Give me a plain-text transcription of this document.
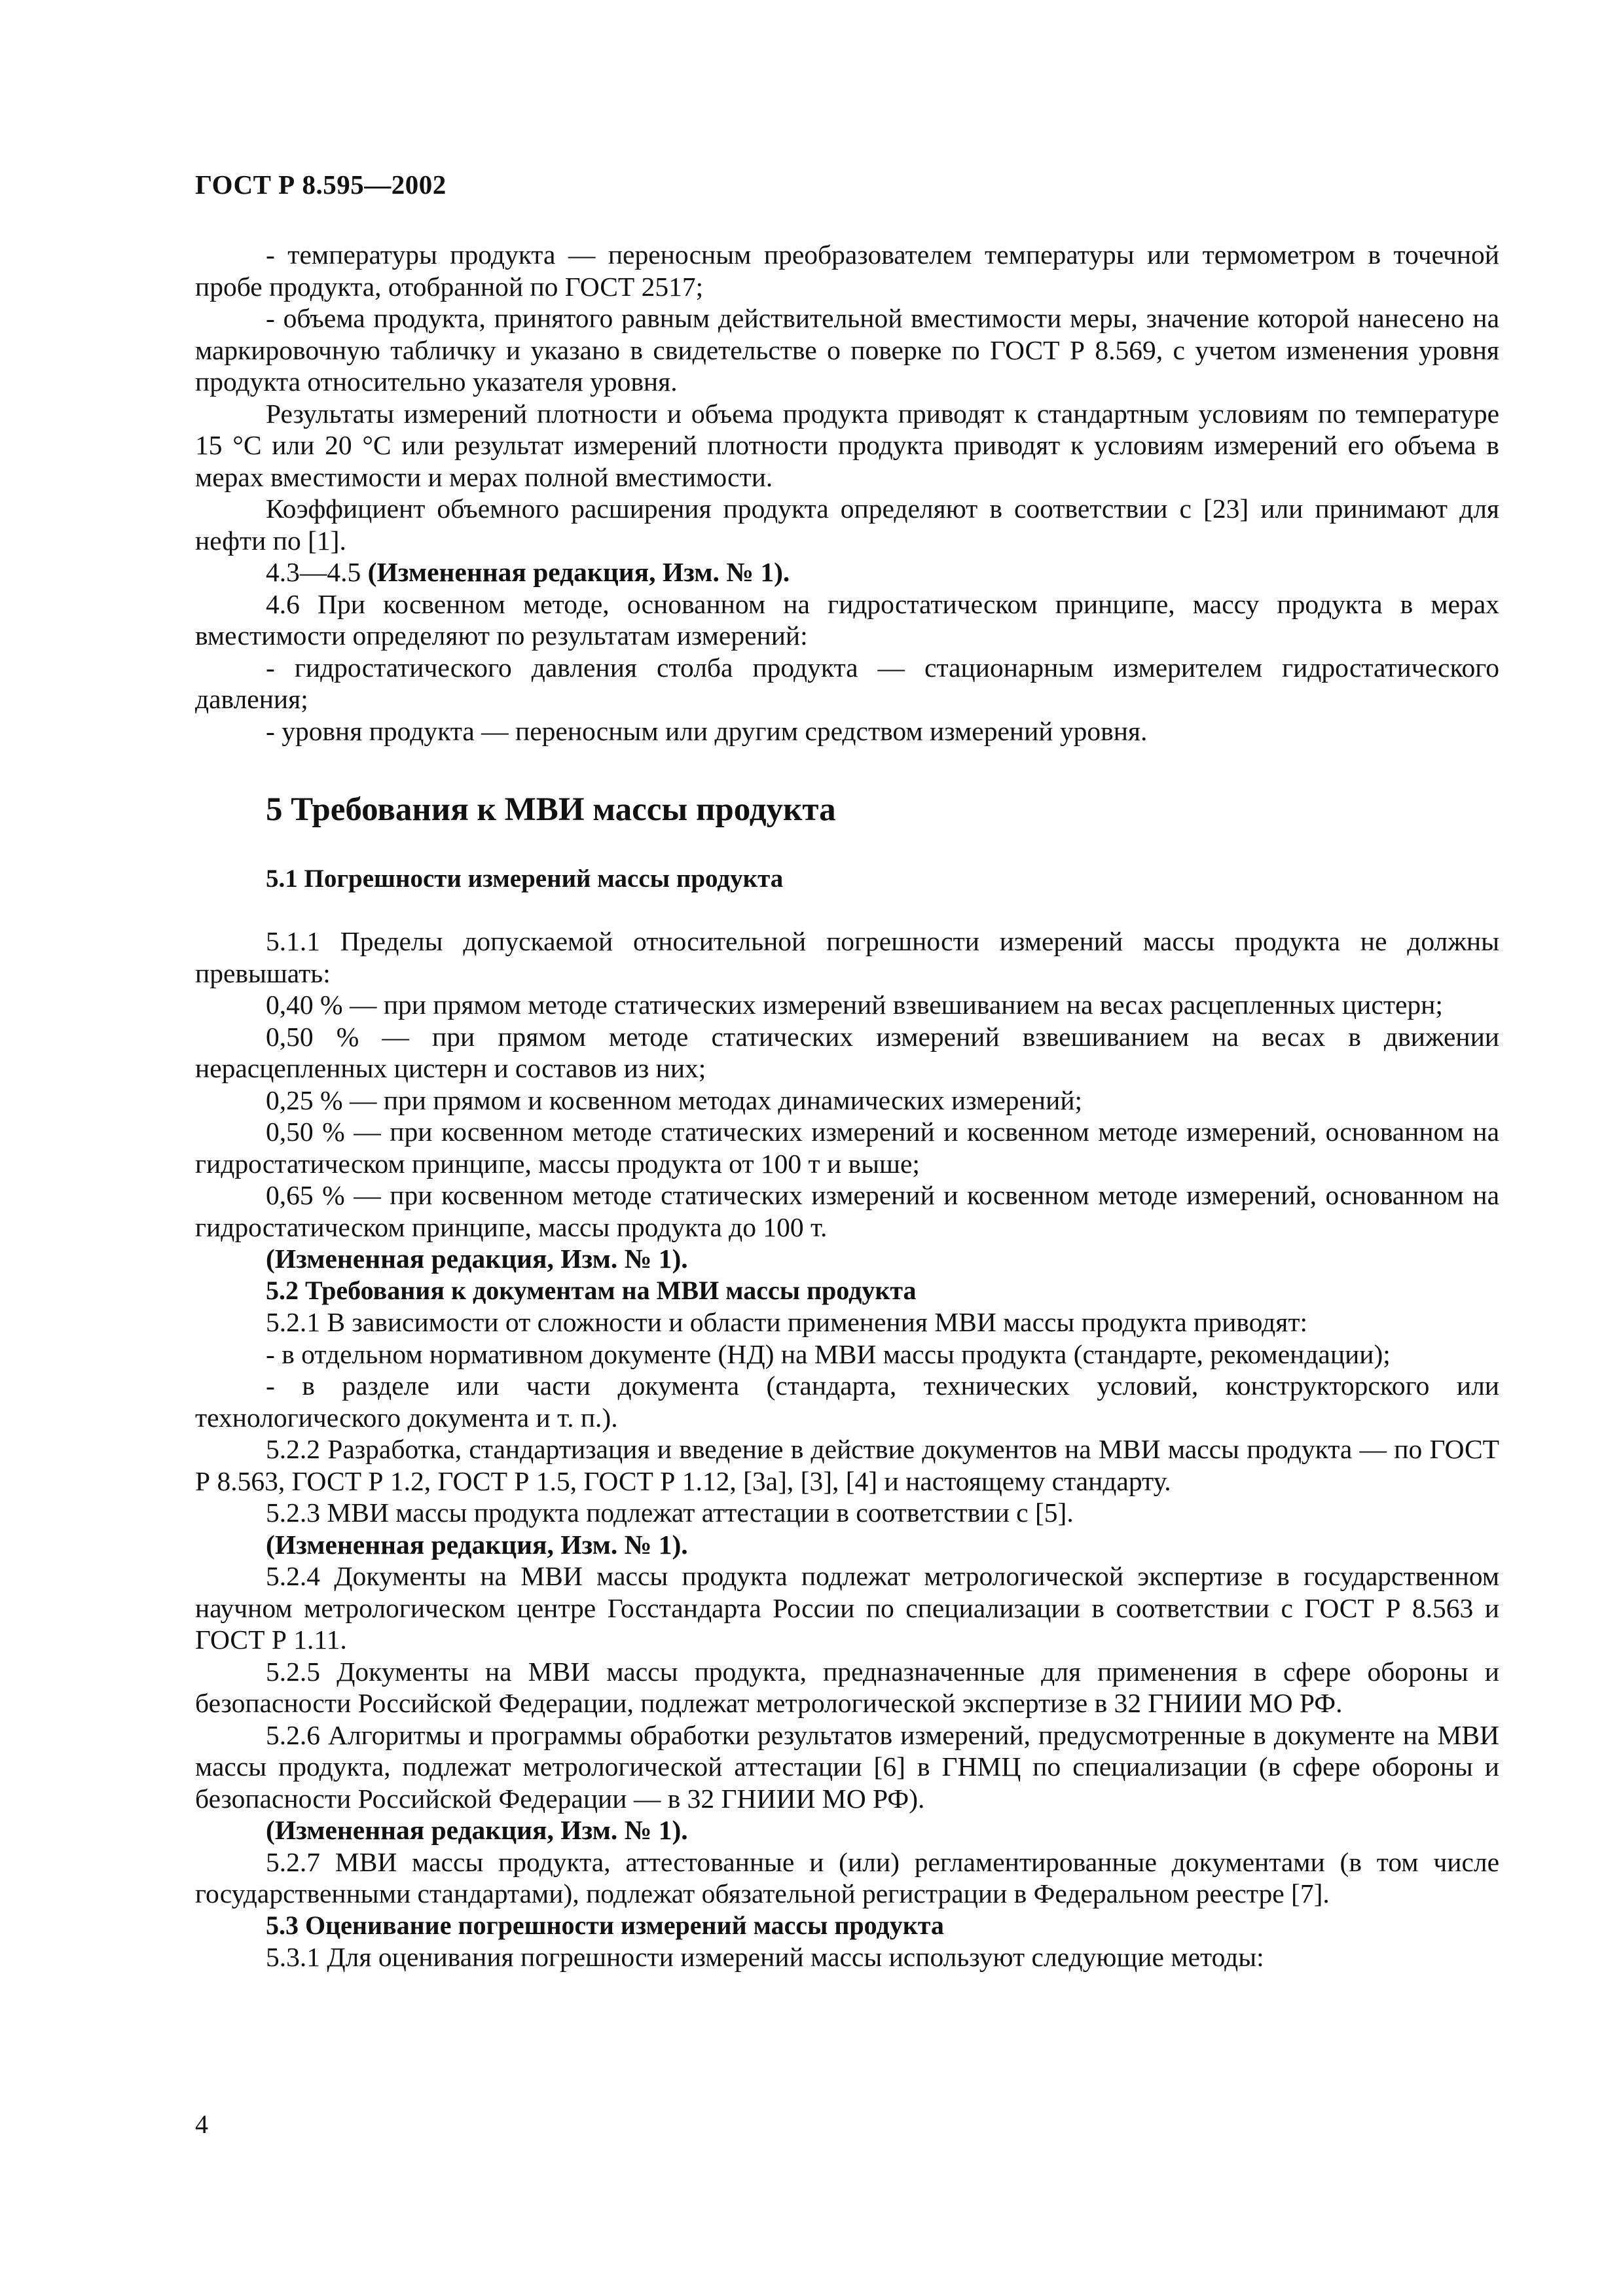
ГОСТ Р 8.595—2002

- температуры продукта — переносным преобразователем температуры или термометром в точечной пробе продукта, отобранной по ГОСТ 2517;

- объема продукта, принятого равным действительной вместимости меры, значение которой нанесено на маркировочную табличку и указано в свидетельстве о поверке по ГОСТ Р 8.569, с учетом изменения уровня продукта относительно указателя уровня.

Результаты измерений плотности и объема продукта приводят к стандартным условиям по температуре 15 °С или 20 °С или результат измерений плотности продукта приводят к условиям измерений его объема в мерах вместимости и мерах полной вместимости.

Коэффициент объемного расширения продукта определяют в соответствии с [23] или принимают для нефти по [1].

4.3—4.5 (Измененная редакция, Изм. № 1).

4.6 При косвенном методе, основанном на гидростатическом принципе, массу продукта в мерах вместимости определяют по результатам измерений:

- гидростатического давления столба продукта — стационарным измерителем гидростатического давления;

- уровня продукта — переносным или другим средством измерений уровня.

5 Требования к МВИ массы продукта
5.1 Погрешности измерений массы продукта

5.1.1 Пределы допускаемой относительной погрешности измерений массы продукта не должны превышать:

0,40 % — при прямом методе статических измерений взвешиванием на весах расцепленных цистерн;

0,50 % — при прямом методе статических измерений взвешиванием на весах в движении нерасцепленных цистерн и составов из них;

0,25 % — при прямом и косвенном методах динамических измерений;

0,50 % — при косвенном методе статических измерений и косвенном методе измерений, основанном на гидростатическом принципе, массы продукта от 100 т и выше;

0,65 % — при косвенном методе статических измерений и косвенном методе измерений, основанном на гидростатическом принципе, массы продукта до 100 т.

(Измененная редакция, Изм. № 1).

5.2 Требования к документам на МВИ массы продукта

5.2.1 В зависимости от сложности и области применения МВИ массы продукта приводят:

- в отдельном нормативном документе (НД) на МВИ массы продукта (стандарте, рекомендации);

- в разделе или части документа (стандарта, технических условий, конструкторского или технологического документа и т. п.).

5.2.2 Разработка, стандартизация и введение в действие документов на МВИ массы продукта — по ГОСТ Р 8.563, ГОСТ Р 1.2, ГОСТ Р 1.5, ГОСТ Р 1.12, [3а], [3], [4] и настоящему стандарту.

5.2.3 МВИ массы продукта подлежат аттестации в соответствии с [5].

(Измененная редакция, Изм. № 1).

5.2.4 Документы на МВИ массы продукта подлежат метрологической экспертизе в государственном научном метрологическом центре Госстандарта России по специализации в соответствии с ГОСТ Р 8.563 и ГОСТ Р 1.11.

5.2.5 Документы на МВИ массы продукта, предназначенные для применения в сфере обороны и безопасности Российской Федерации, подлежат метрологической экспертизе в 32 ГНИИИ МО РФ.

5.2.6 Алгоритмы и программы обработки результатов измерений, предусмотренные в документе на МВИ массы продукта, подлежат метрологической аттестации [6] в ГНМЦ по специализации (в сфере обороны и безопасности Российской Федерации — в 32 ГНИИИ МО РФ).

(Измененная редакция, Изм. № 1).

5.2.7 МВИ массы продукта, аттестованные и (или) регламентированные документами (в том числе государственными стандартами), подлежат обязательной регистрации в Федеральном реестре [7].

5.3 Оценивание погрешности измерений массы продукта

5.3.1 Для оценивания погрешности измерений массы используют следующие методы:

4
